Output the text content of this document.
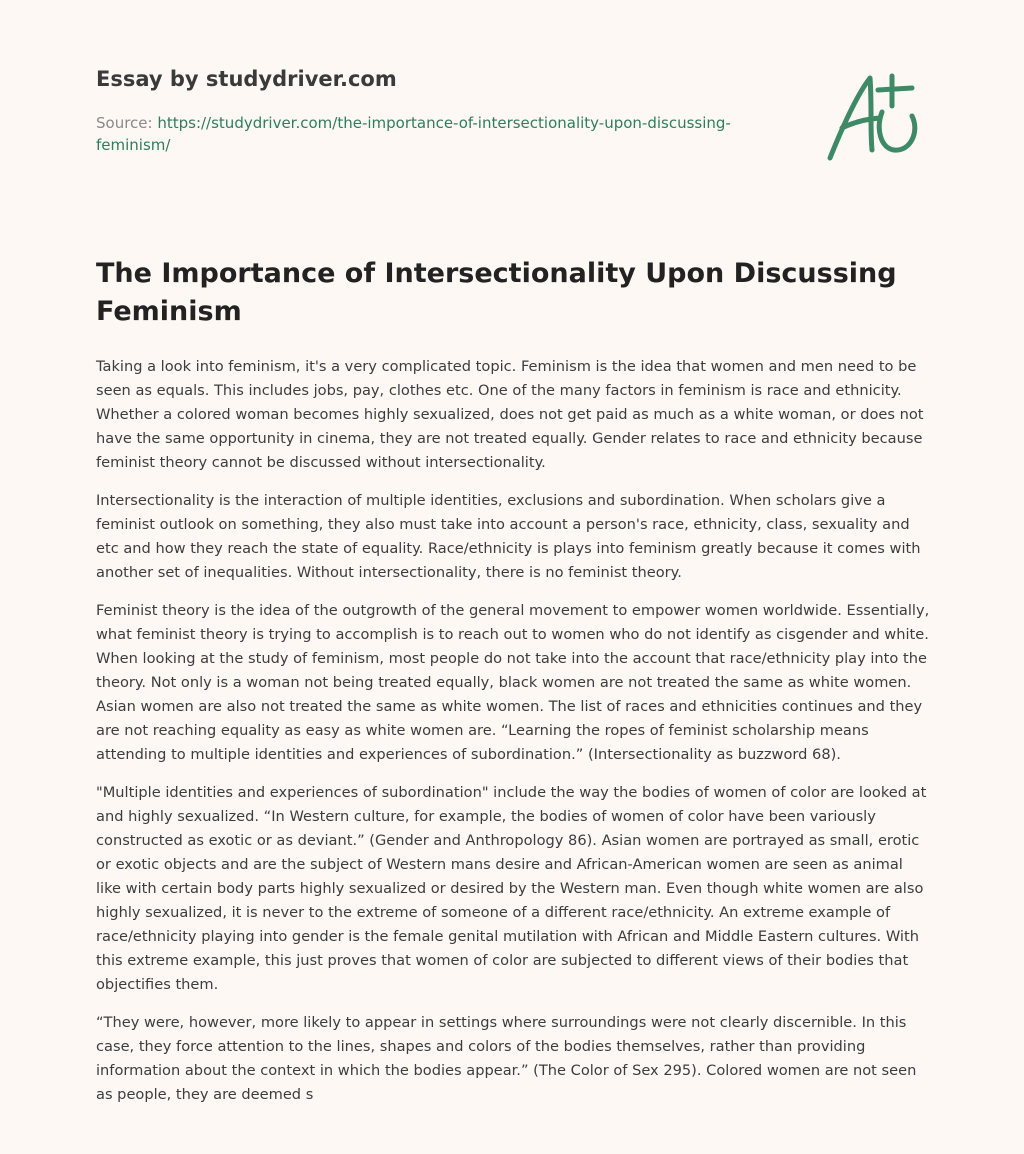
Essay by studydriver.com
Source: https://studydriver.com/the-importance-of-intersectionality-upon-discussing-feminism/
The Importance of Intersectionality Upon Discussing Feminism

Taking a look into feminism, it's a very complicated topic. Feminism is the idea that women and men need to be seen as equals. This includes jobs, pay, clothes etc. One of the many factors in feminism is race and ethnicity. Whether a colored woman becomes highly sexualized, does not get paid as much as a white woman, or does not have the same opportunity in cinema, they are not treated equally. Gender relates to race and ethnicity because feminist theory cannot be discussed without intersectionality.

Intersectionality is the interaction of multiple identities, exclusions and subordination. When scholars give a feminist outlook on something, they also must take into account a person's race, ethnicity, class, sexuality and etc and how they reach the state of equality. Race/ethnicity is plays into feminism greatly because it comes with another set of inequalities. Without intersectionality, there is no feminist theory.

Feminist theory is the idea of the outgrowth of the general movement to empower women worldwide. Essentially, what feminist theory is trying to accomplish is to reach out to women who do not identify as cisgender and white. When looking at the study of feminism, most people do not take into the account that race/ethnicity play into the theory. Not only is a woman not being treated equally, black women are not treated the same as white women. Asian women are also not treated the same as white women. The list of races and ethnicities continues and they are not reaching equality as easy as white women are. “Learning the ropes of feminist scholarship means attending to multiple identities and experiences of subordination.” (Intersectionality as buzzword 68).

"Multiple identities and experiences of subordination" include the way the bodies of women of color are looked at and highly sexualized. “In Western culture, for example, the bodies of women of color have been variously constructed as exotic or as deviant.” (Gender and Anthropology 86). Asian women are portrayed as small, erotic or exotic objects and are the subject of Western mans desire and African-American women are seen as animal like with certain body parts highly sexualized or desired by the Western man. Even though white women are also highly sexualized, it is never to the extreme of someone of a different race/ethnicity. An extreme example of race/ethnicity playing into gender is the female genital mutilation with African and Middle Eastern cultures. With this extreme example, this just proves that women of color are subjected to different views of their bodies that objectifies them.

“They were, however, more likely to appear in settings where surroundings were not clearly discernible. In this case, they force attention to the lines, shapes and colors of the bodies themselves, rather than providing information about the context in which the bodies appear.” (The Color of Sex 295). Colored women are not seen as people, they are deemed s
